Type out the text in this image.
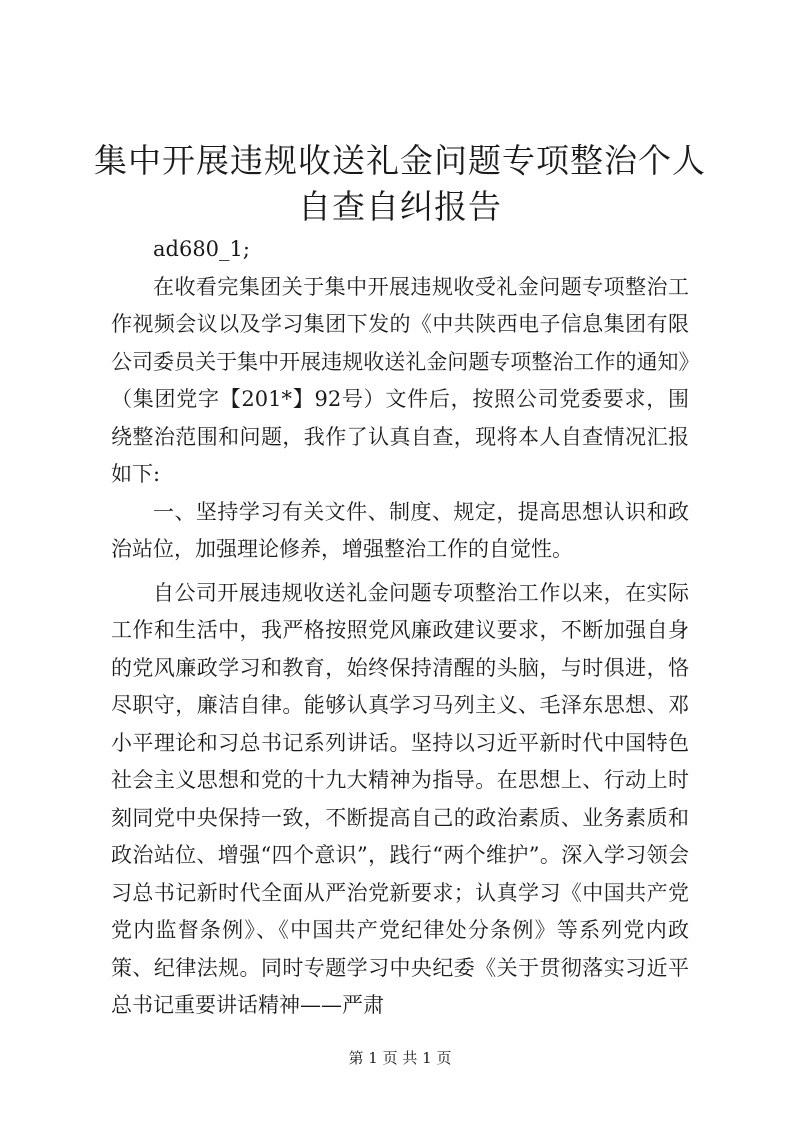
集中开展违规收送礼金问题专项整治个人自查自纠报告

ad680_1;

在收看完集团关于集中开展违规收受礼金问题专项整治工作视频会议以及学习集团下发的《中共陕西电子信息集团有限公司委员关于集中开展违规收送礼金问题专项整治工作的通知》（集团党字【201*】92号）文件后，按照公司党委要求，围绕整治范围和问题，我作了认真自查，现将本人自查情况汇报如下:

一、坚持学习有关文件、制度、规定，提高思想认识和政治站位，加强理论修养，增强整治工作的自觉性。

自公司开展违规收送礼金问题专项整治工作以来，在实际工作和生活中，我严格按照党风廉政建议要求，不断加强自身的党风廉政学习和教育，始终保持清醒的头脑，与时俱进，恪尽职守，廉洁自律。能够认真学习马列主义、毛泽东思想、邓小平理论和习总书记系列讲话。坚持以习近平新时代中国特色社会主义思想和党的十九大精神为指导。在思想上、行动上时刻同党中央保持一致，不断提高自己的政治素质、业务素质和政治站位、增强“四个意识”，践行“两个维护”。深入学习领会习总书记新时代全面从严治党新要求；认真学习《中国共产党党内监督条例》、《中国共产党纪律处分条例》等系列党内政策、纪律法规。同时专题学习中央纪委《关于贯彻落实习近平总书记重要讲话精神——严肃

第 1 页 共 1 页
